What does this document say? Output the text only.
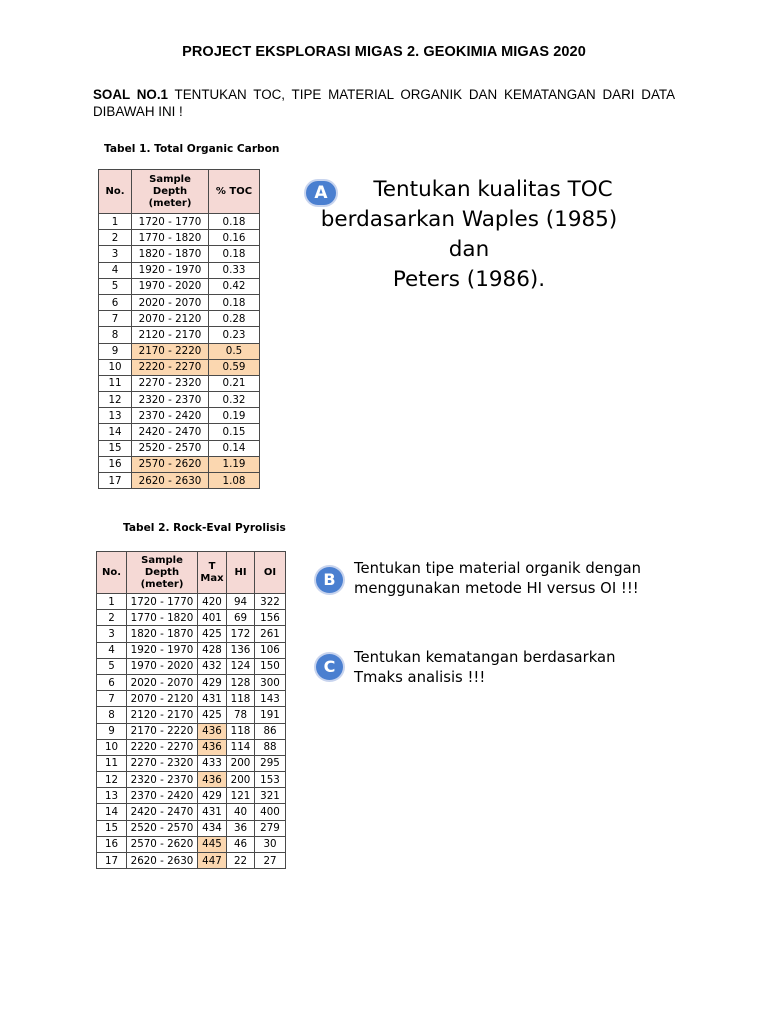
PROJECT EKSPLORASI MIGAS 2. GEOKIMIA MIGAS 2020
SOAL NO.1 TENTUKAN TOC, TIPE MATERIAL ORGANIK DAN KEMATANGAN DARI DATA DIBAWAH INI !
Tabel 1. Total Organic Carbon
No.	Sample Depth (meter)	% TOC
1	1720 - 1770	0.18
2	1770 - 1820	0.16
3	1820 - 1870	0.18
4	1920 - 1970	0.33
5	1970 - 2020	0.42
6	2020 - 2070	0.18
7	2070 - 2120	0.28
8	2120 - 2170	0.23
9	2170 - 2220	0.5
10	2220 - 2270	0.59
11	2270 - 2320	0.21
12	2320 - 2370	0.32
13	2370 - 2420	0.19
14	2420 - 2470	0.15
15	2520 - 2570	0.14
16	2570 - 2620	1.19
17	2620 - 2630	1.08
Tabel 2. Rock-Eval Pyrolisis
No.	Sample Depth (meter)	T Max	HI	OI
1	1720 - 1770	420	94	322
2	1770 - 1820	401	69	156
3	1820 - 1870	425	172	261
4	1920 - 1970	428	136	106
5	1970 - 2020	432	124	150
6	2020 - 2070	429	128	300
7	2070 - 2120	431	118	143
8	2120 - 2170	425	78	191
9	2170 - 2220	436	118	86
10	2220 - 2270	436	114	88
11	2270 - 2320	433	200	295
12	2320 - 2370	436	200	153
13	2370 - 2420	429	121	321
14	2420 - 2470	431	40	400
15	2520 - 2570	434	36	279
16	2570 - 2620	445	46	30
17	2620 - 2630	447	22	27
A	Tentukan kualitas TOC
berdasarkan Waples (1985) dan
Peters (1986).
B
Tentukan tipe material organik dengan
menggunakan metode HI versus OI !!!
C	Tentukan kematangan berdasarkan
Tmaks analisis !!!
